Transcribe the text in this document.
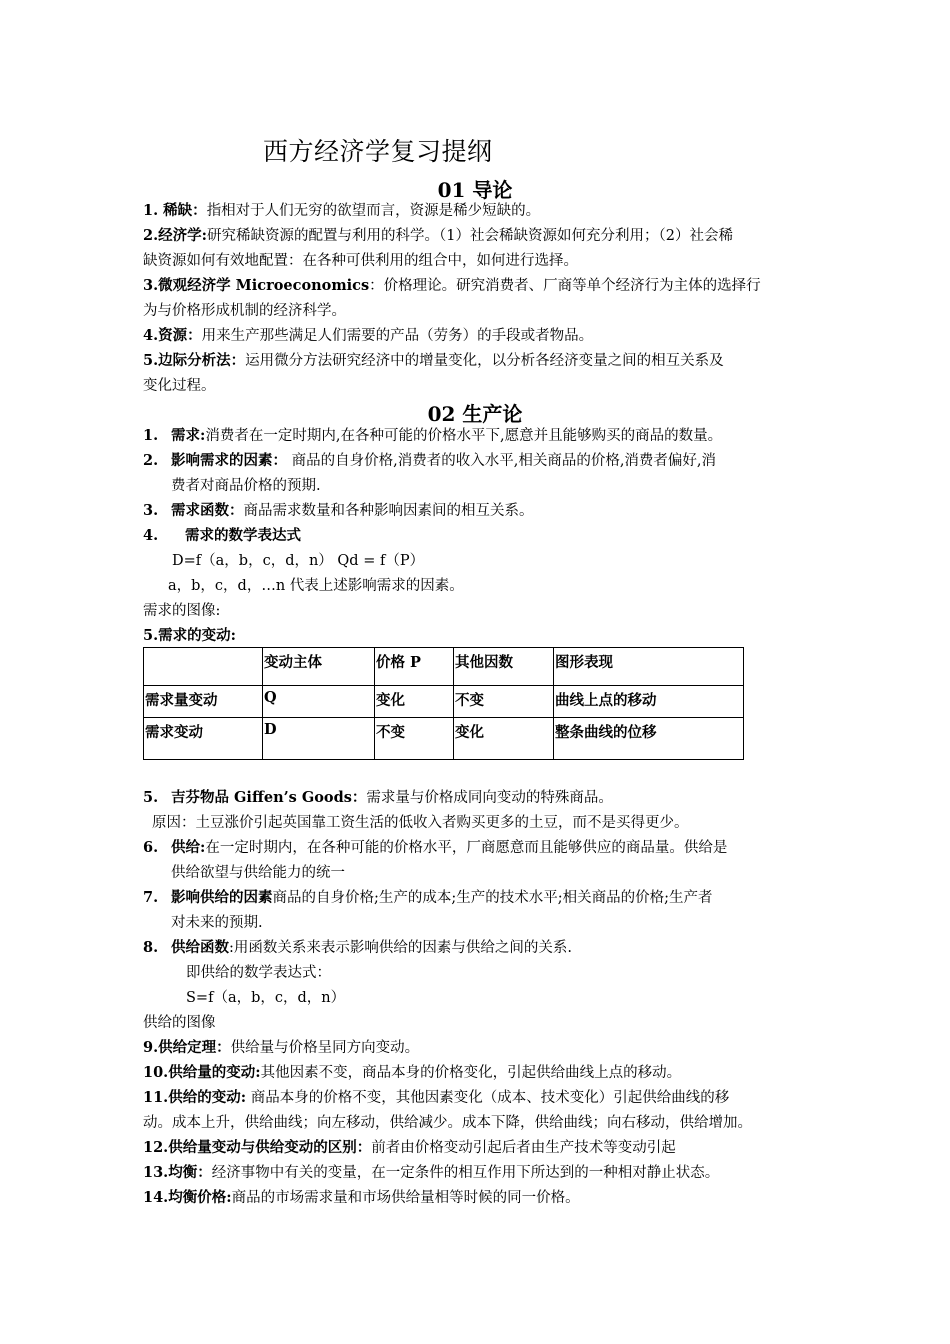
西方经济学复习提纲
01 导论
1. 稀缺：指相对于人们无穷的欲望而言，资源是稀少短缺的。
2.经济学:研究稀缺资源的配置与利用的科学。（1）社会稀缺资源如何充分利用；（2）社会稀
缺资源如何有效地配置：在各种可供利用的组合中，如何进行选择。
3.微观经济学 Microeconomics：价格理论。研究消费者、厂商等单个经济行为主体的选择行
为与价格形成机制的经济科学。
4.资源：用来生产那些满足人们需要的产品（劳务）的手段或者物品。
5.边际分析法：运用微分方法研究经济中的增量变化，以分析各经济变量之间的相互关系及
变化过程。
02 生产论
1. 需求:消费者在一定时期内,在各种可能的价格水平下,愿意并且能够购买的商品的数量。
2. 影响需求的因素： 商品的自身价格,消费者的收入水平,相关商品的价格,消费者偏好,消
费者对商品价格的预期.
3. 需求函数：商品需求数量和各种影响因素间的相互关系。
4. 需求的数学表达式
D=f（a，b，c，d，n） Qd = f（P）
a，b，c，d，…n 代表上述影响需求的因素。
需求的图像:
5.需求的变动:
	变动主体	价格 P	其他因数	图形表现
需求量变动	Q	变化	不变	曲线上点的移动
需求变动	D	不变	变化	整条曲线的位移
5. 吉芬物品 Giffen’s Goods：需求量与价格成同向变动的特殊商品。
原因：土豆涨价引起英国靠工资生活的低收入者购买更多的土豆，而不是买得更少。
6. 供给:在一定时期内，在各种可能的价格水平，厂商愿意而且能够供应的商品量。供给是
供给欲望与供给能力的统一
7. 影响供给的因素商品的自身价格;生产的成本;生产的技术水平;相关商品的价格;生产者
对未来的预期.
8. 供给函数:用函数关系来表示影响供给的因素与供给之间的关系.
即供给的数学表达式：
S=f（a，b，c，d，n）
供给的图像
9.供给定理：供给量与价格呈同方向变动。
10.供给量的变动:其他因素不变，商品本身的价格变化，引起供给曲线上点的移动。
11.供给的变动: 商品本身的价格不变，其他因素变化（成本、技术变化）引起供给曲线的移
动。成本上升，供给曲线；向左移动，供给减少。成本下降，供给曲线；向右移动，供给增加。
12.供给量变动与供给变动的区别：前者由价格变动引起后者由生产技术等变动引起
13.均衡：经济事物中有关的变量，在一定条件的相互作用下所达到的一种相对静止状态。
14.均衡价格:商品的市场需求量和市场供给量相等时候的同一价格。
